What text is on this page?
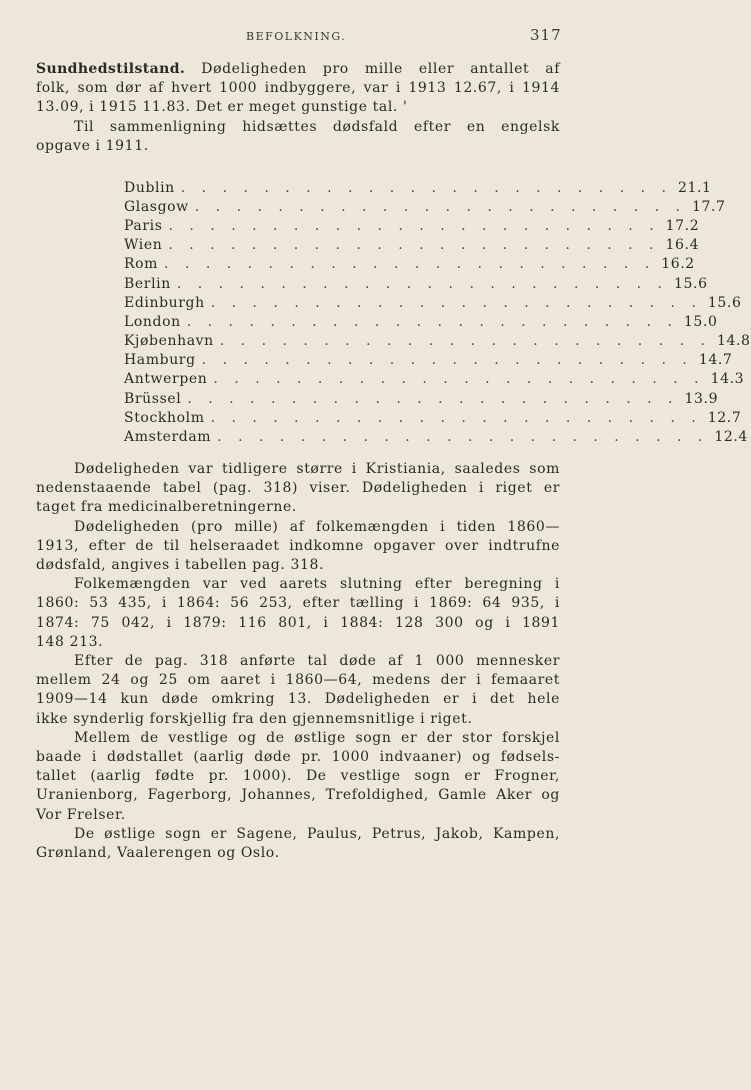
BEFOLKNING.	317
Sundhedstilstand. Dødeligheden pro mille eller antallet af
folk, som dør af hvert 1000 indbyggere, var i 1913 12.67, i 1914
13.09, i 1915 11.83. Det er meget gunstige tal. '
Til sammenligning hidsættes dødsfald efter en engelsk
opgave i 1911.
Dublin . . . . . . . . . . . . . . . . . . . . . . . . 21.1
Glasgow . . . . . . . . . . . . . . . . . . . . . . . . 17.7
Paris . . . . . . . . . . . . . . . . . . . . . . . . 17.2
Wien . . . . . . . . . . . . . . . . . . . . . . . . 16.4
Rom . . . . . . . . . . . . . . . . . . . . . . . . 16.2
Berlin . . . . . . . . . . . . . . . . . . . . . . . . 15.6
Edinburgh . . . . . . . . . . . . . . . . . . . . . . . . 15.6
London . . . . . . . . . . . . . . . . . . . . . . . . 15.0
Kjøbenhavn . . . . . . . . . . . . . . . . . . . . . . . . 14.8
Hamburg . . . . . . . . . . . . . . . . . . . . . . . . 14.7
Antwerpen . . . . . . . . . . . . . . . . . . . . . . . . 14.3
Brüssel . . . . . . . . . . . . . . . . . . . . . . . . 13.9
Stockholm . . . . . . . . . . . . . . . . . . . . . . . . 12.7
Amsterdam . . . . . . . . . . . . . . . . . . . . . . . . 12.4
Dødeligheden var tidligere større i Kristiania, saaledes som
nedenstaaende tabel (pag. 318) viser. Dødeligheden i riget er
taget fra medicinalberetningerne.
Dødeligheden (pro mille) af folkemængden i tiden 1860—
1913, efter de til helseraadet indkomne opgaver over indtrufne
dødsfald, angives i tabellen pag. 318.
Folkemængden var ved aarets slutning efter beregning i
1860: 53 435, i 1864: 56 253, efter tælling i 1869: 64 935, i
1874: 75 042, i 1879: 116 801, i 1884: 128 300 og i 1891
148 213.
Efter de pag. 318 anførte tal døde af 1 000 mennesker
mellem 24 og 25 om aaret i 1860—64, medens der i femaaret
1909—14 kun døde omkring 13. Dødeligheden er i det hele
ikke synderlig forskjellig fra den gjennemsnitlige i riget.
Mellem de vestlige og de østlige sogn er der stor forskjel
baade i dødstallet (aarlig døde pr. 1000 indvaaner) og fødsels-
tallet (aarlig fødte pr. 1000). De vestlige sogn er Frogner,
Uranienborg, Fagerborg, Johannes, Trefoldighed, Gamle Aker og
Vor Frelser.
De østlige sogn er Sagene, Paulus, Petrus, Jakob, Kampen,
Grønland, Vaalerengen og Oslo.
